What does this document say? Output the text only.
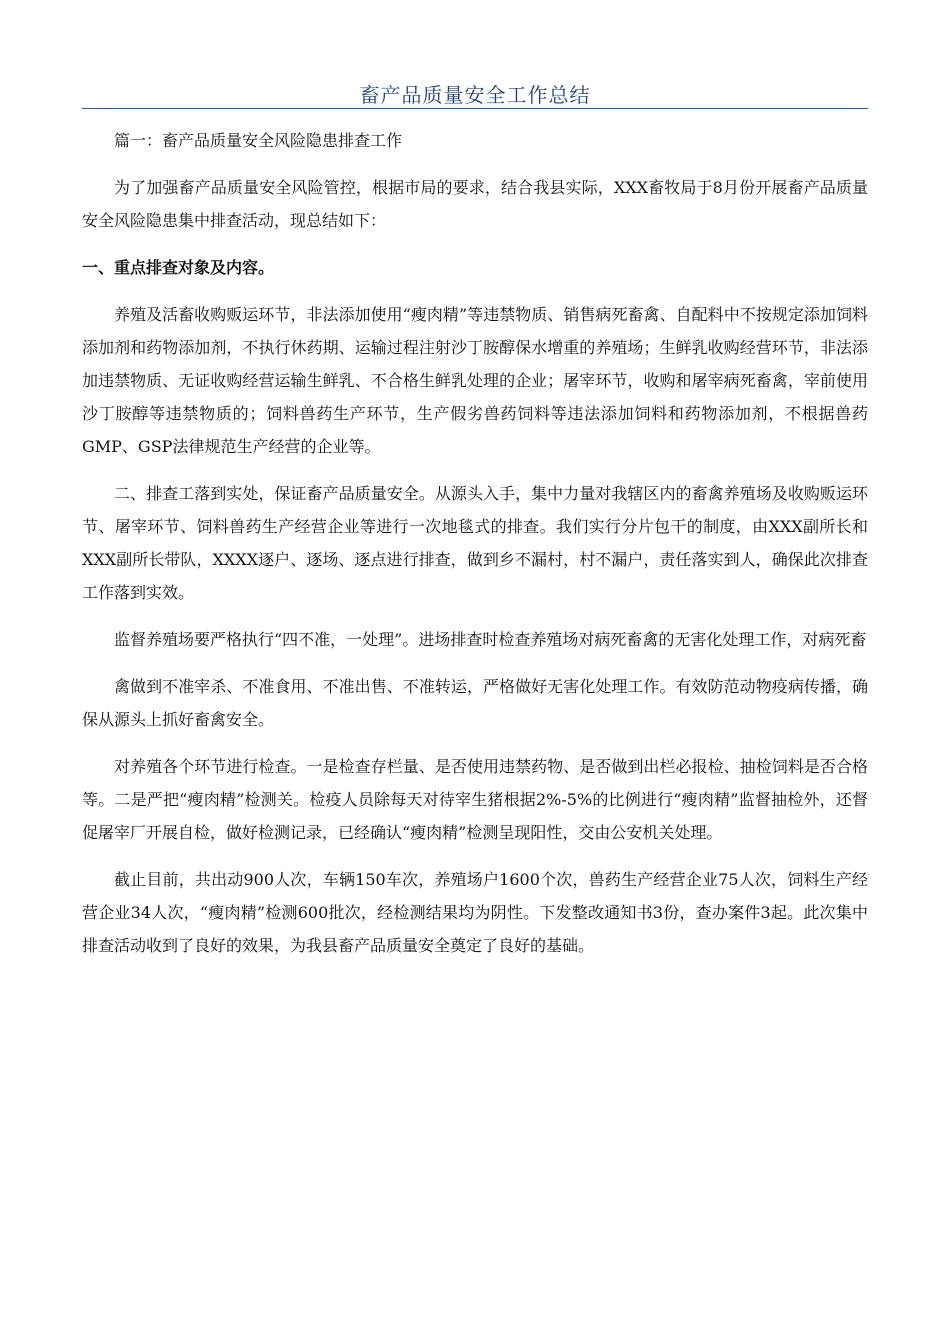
畜产品质量安全工作总结

篇一：畜产品质量安全风险隐患排查工作

为了加强畜产品质量安全风险管控，根据市局的要求，结合我县实际，XXX畜牧局于8月份开展畜产品质量安全风险隐患集中排查活动，现总结如下：

一、重点排查对象及内容。

养殖及活畜收购贩运环节，非法添加使用“瘦肉精”等违禁物质、销售病死畜禽、自配料中不按规定添加饲料添加剂和药物添加剂，不执行休药期、运输过程注射沙丁胺醇保水增重的养殖场；生鲜乳收购经营环节，非法添加违禁物质、无证收购经营运输生鲜乳、不合格生鲜乳处理的企业；屠宰环节，收购和屠宰病死畜禽，宰前使用沙丁胺醇等违禁物质的；饲料兽药生产环节，生产假劣兽药饲料等违法添加饲料和药物添加剂，不根据兽药GMP、GSP法律规范生产经营的企业等。

二、排查工落到实处，保证畜产品质量安全。从源头入手，集中力量对我辖区内的畜禽养殖场及收购贩运环节、屠宰环节、饲料兽药生产经营企业等进行一次地毯式的排查。我们实行分片包干的制度，由XXX副所长和XXX副所长带队，XXXX逐户、逐场、逐点进行排查，做到乡不漏村，村不漏户，责任落实到人，确保此次排查工作落到实效。

监督养殖场要严格执行“四不准，一处理”。进场排查时检查养殖场对病死畜禽的无害化处理工作，对病死畜

禽做到不准宰杀、不准食用、不准出售、不准转运，严格做好无害化处理工作。有效防范动物疫病传播，确保从源头上抓好畜禽安全。

对养殖各个环节进行检查。一是检查存栏量、是否使用违禁药物、是否做到出栏必报检、抽检饲料是否合格等。二是严把“瘦肉精”检测关。检疫人员除每天对待宰生猪根据2%-5%的比例进行“瘦肉精”监督抽检外，还督促屠宰厂开展自检，做好检测记录，已经确认“瘦肉精”检测呈现阳性，交由公安机关处理。

截止目前，共出动900人次，车辆150车次，养殖场户1600个次，兽药生产经营企业75人次，饲料生产经营企业34人次，“瘦肉精”检测600批次，经检测结果均为阴性。下发整改通知书3份，查办案件3起。此次集中排查活动收到了良好的效果，为我县畜产品质量安全奠定了良好的基础。
